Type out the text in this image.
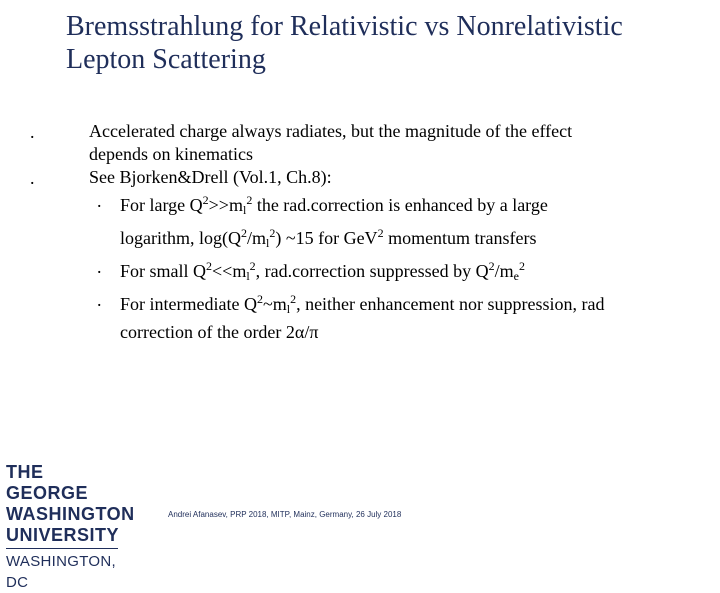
Bremsstrahlung for Relativistic vs Nonrelativistic
Lepton Scattering
.	Accelerated charge always radiates, but the magnitude of the effect
depends on kinematics
.	See Bjorken&Drell (Vol.1, Ch.8):
. For large $Q^2>>m_l^2$ the rad.correction is enhanced by a large
logarithm, $\log(Q^2/m_l^2)$ ~15 for GeV$^2$ momentum transfers
. For small $Q^2<<m_l^2$, rad.correction suppressed by $Q^2/m_e^2$
. For intermediate $Q^2\sim m_l^2$, neither enhancement nor suppression, rad
correction of the order 2α/π
THE GEORGE
WASHINGTON
UNIVERSITY
WASHINGTON, DC
Andrei Afanasev, PRP 2018, MITP, Mainz, Germany, 26 July 2018
